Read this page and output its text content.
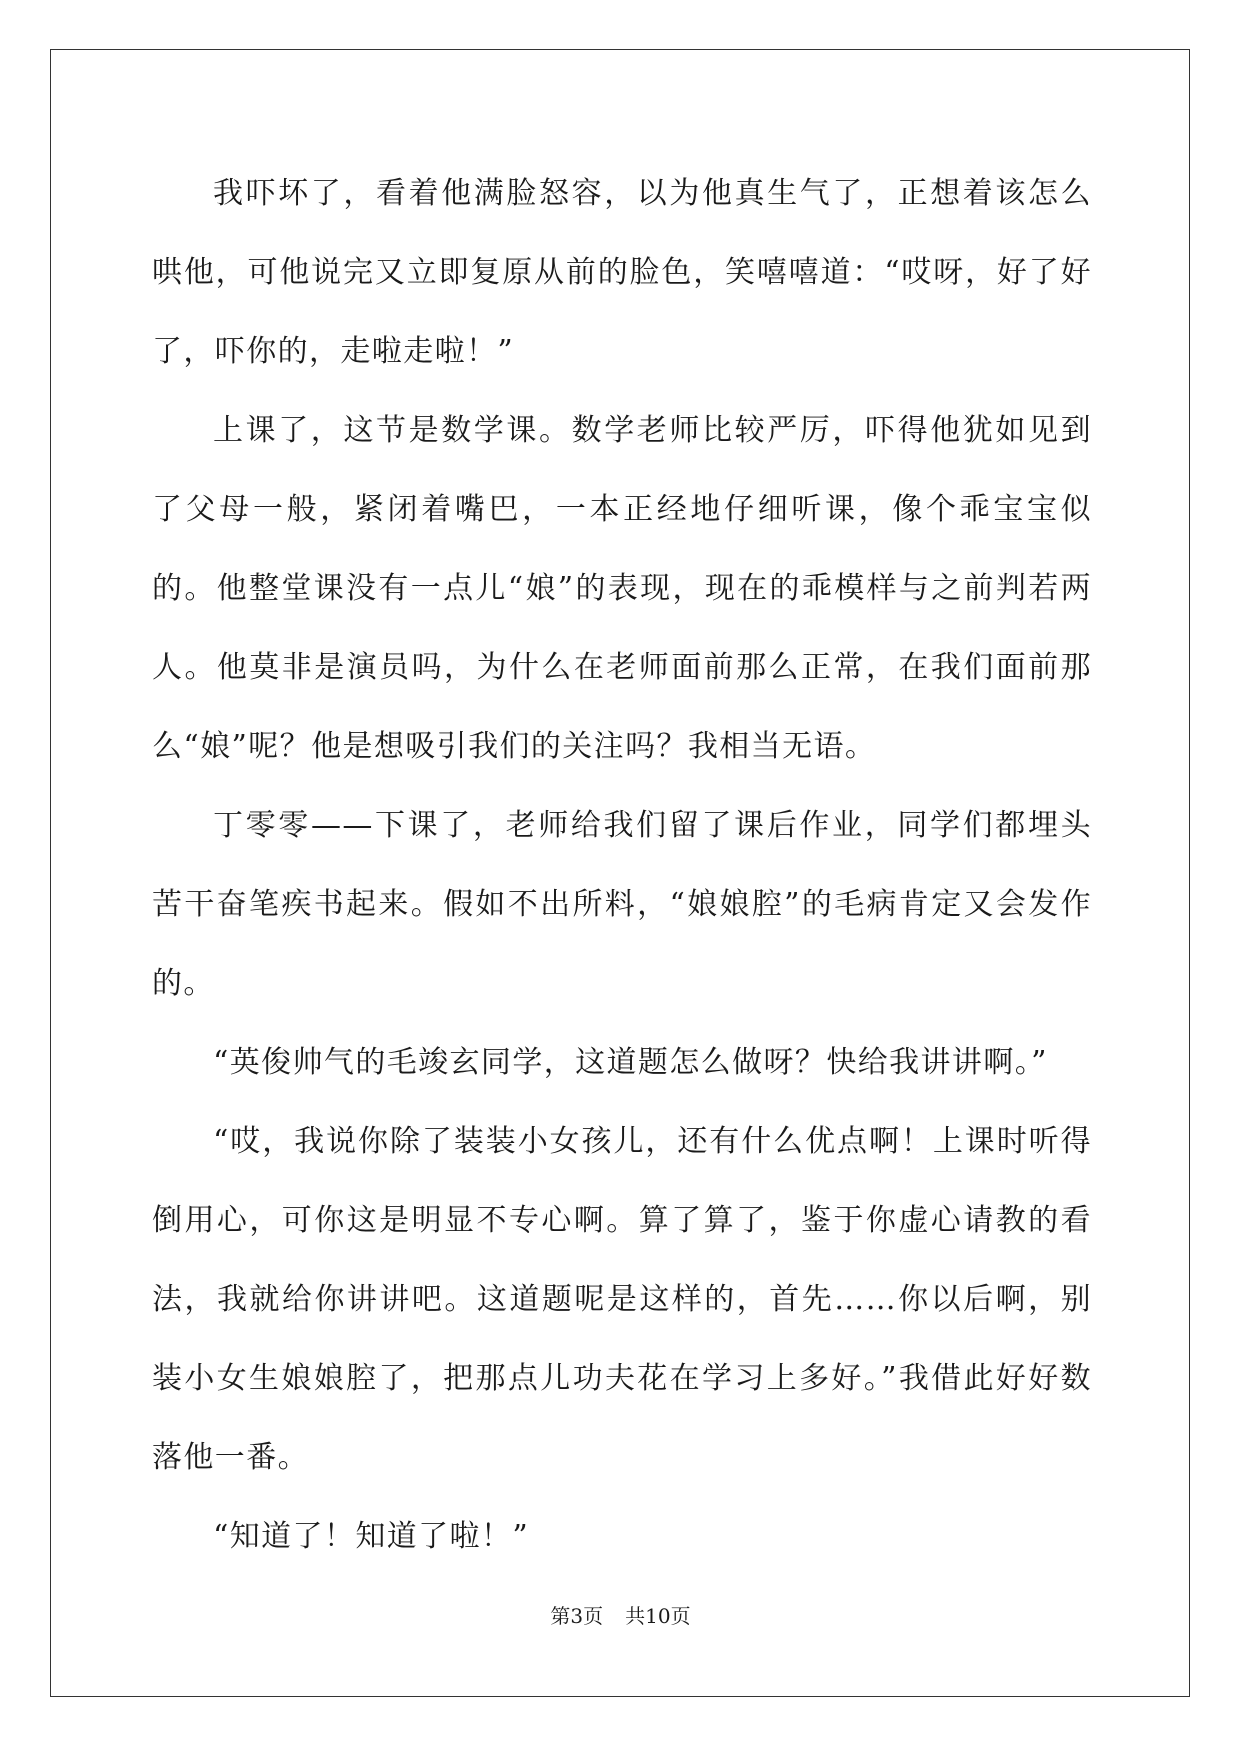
我吓坏了，看着他满脸怒容，以为他真生气了，正想着该怎么哄他，可他说完又立即复原从前的脸色，笑嘻嘻道：“哎呀，好了好了，吓你的，走啦走啦！”

上课了，这节是数学课。数学老师比较严厉，吓得他犹如见到了父母一般，紧闭着嘴巴，一本正经地仔细听课，像个乖宝宝似的。他整堂课没有一点儿“娘”的表现，现在的乖模样与之前判若两人。他莫非是演员吗，为什么在老师面前那么正常，在我们面前那么“娘”呢？他是想吸引我们的关注吗？我相当无语。

丁零零——下课了，老师给我们留了课后作业，同学们都埋头苦干奋笔疾书起来。假如不出所料，“娘娘腔”的毛病肯定又会发作的。

“英俊帅气的毛竣玄同学，这道题怎么做呀？快给我讲讲啊。”

“哎，我说你除了装装小女孩儿，还有什么优点啊！上课时听得倒用心，可你这是明显不专心啊。算了算了，鉴于你虚心请教的看法，我就给你讲讲吧。这道题呢是这样的，首先……你以后啊，别装小女生娘娘腔了，把那点儿功夫花在学习上多好。”我借此好好数落他一番。

“知道了！知道了啦！”

第3页 共10页
